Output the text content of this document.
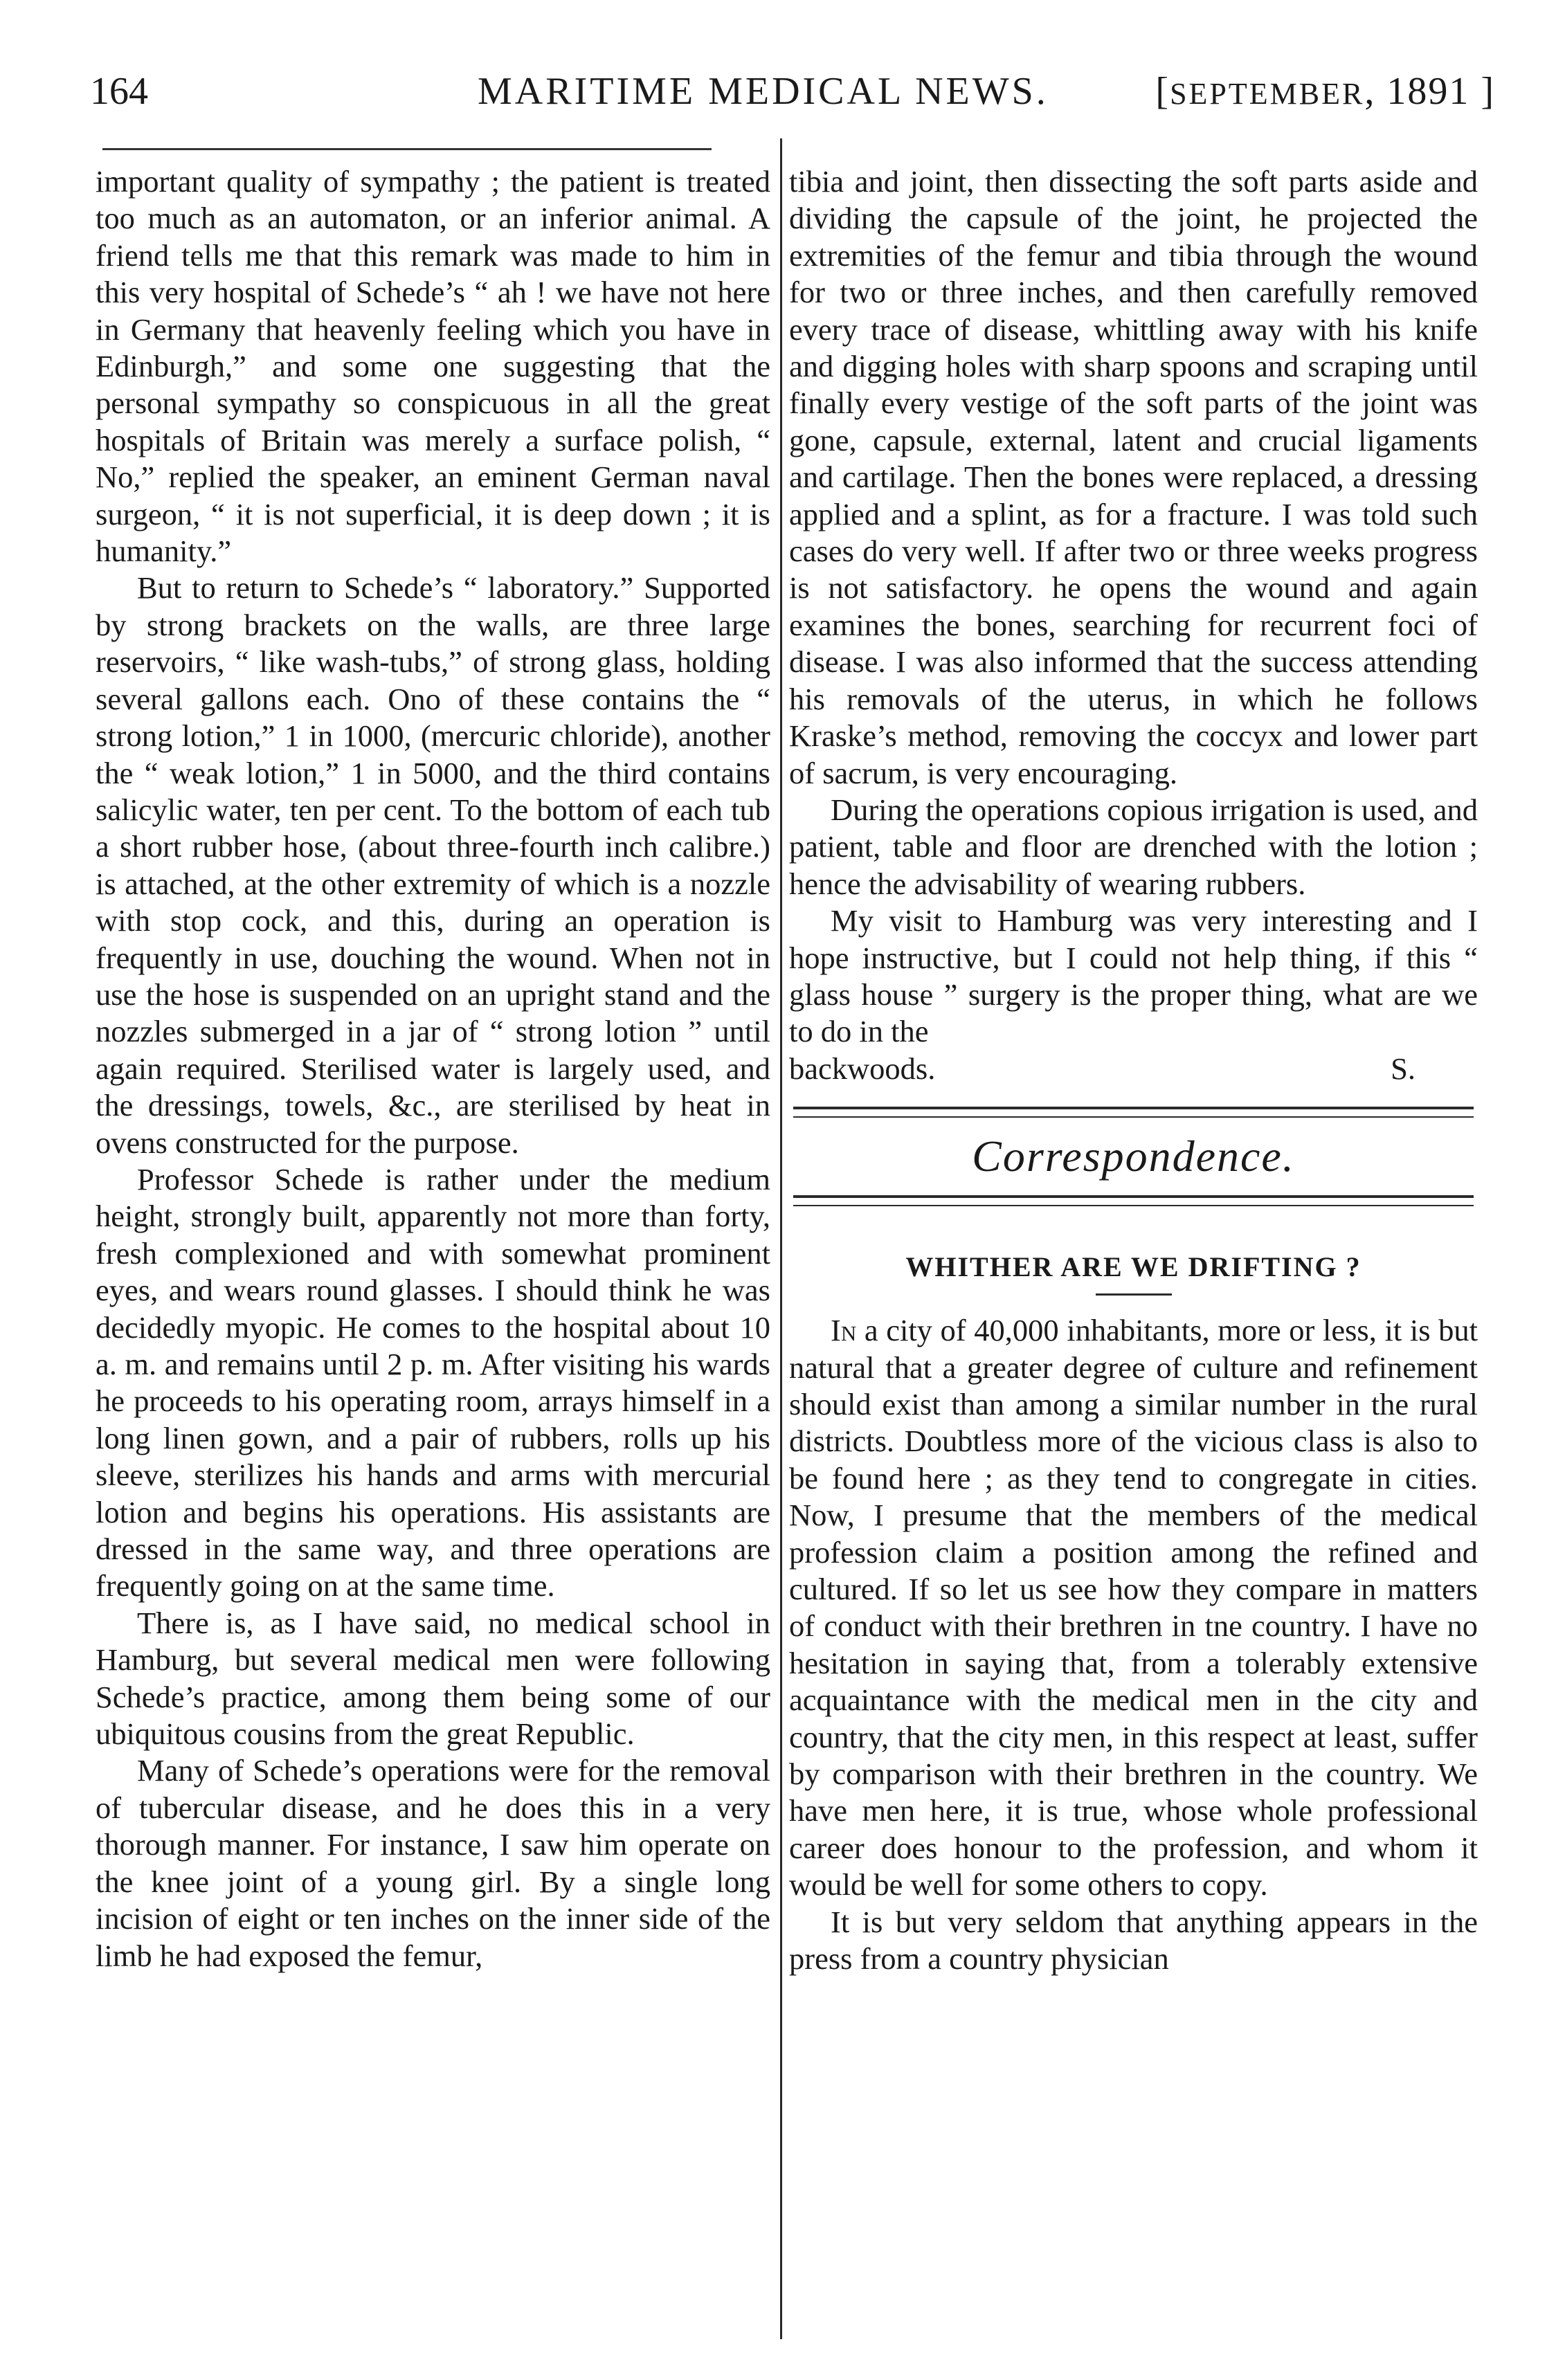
164	MARITIME MEDICAL NEWS.	[SEPTEMBER, 1891 ]

important quality of sympathy ; the patient is treated too much as an automaton, or an inferior animal. A friend tells me that this remark was made to him in this very hospital of Schede’s “ ah ! we have not here in Germany that heavenly feeling which you have in Edinburgh,” and some one suggesting that the personal sympathy so conspicuous in all the great hospitals of Britain was merely a surface polish, “ No,” replied the speaker, an eminent German naval surgeon, “ it is not superficial, it is deep down ; it is humanity.”

But to return to Schede’s “ laboratory.” Supported by strong brackets on the walls, are three large reservoirs, “ like wash-tubs,” of strong glass, holding several gallons each. Ono of these contains the “ strong lotion,” 1 in 1000, (mercuric chloride), another the “ weak lotion,” 1 in 5000, and the third contains salicylic water, ten per cent. To the bottom of each tub a short rubber hose, (about three-fourth inch calibre.) is attached, at the other extremity of which is a nozzle with stop cock, and this, during an operation is frequently in use, douching the wound. When not in use the hose is suspended on an upright stand and the nozzles submerged in a jar of “ strong lotion ” until again required. Sterilised water is largely used, and the dressings, towels, &c., are sterilised by heat in ovens constructed for the purpose.

Professor Schede is rather under the medium height, strongly built, apparently not more than forty, fresh complexioned and with somewhat prominent eyes, and wears round glasses. I should think he was decidedly myopic. He comes to the hospital about 10 a. m. and remains until 2 p. m. After visiting his wards he proceeds to his operating room, arrays himself in a long linen gown, and a pair of rubbers, rolls up his sleeve, sterilizes his hands and arms with mercurial lotion and begins his operations. His assistants are dressed in the same way, and three operations are frequently going on at the same time.

There is, as I have said, no medical school in Hamburg, but several medical men were following Schede’s practice, among them being some of our ubiquitous cousins from the great Republic.

Many of Schede’s operations were for the removal of tubercular disease, and he does this in a very thorough manner. For instance, I saw him operate on the knee joint of a young girl. By a single long incision of eight or ten inches on the inner side of the limb he had exposed the femur,

tibia and joint, then dissecting the soft parts aside and dividing the capsule of the joint, he projected the extremities of the femur and tibia through the wound for two or three inches, and then carefully removed every trace of disease, whittling away with his knife and digging holes with sharp spoons and scraping until finally every vestige of the soft parts of the joint was gone, capsule, external, latent and crucial ligaments and cartilage. Then the bones were replaced, a dressing applied and a splint, as for a fracture. I was told such cases do very well. If after two or three weeks progress is not satisfactory. he opens the wound and again examines the bones, searching for recurrent foci of disease. I was also informed that the success attending his removals of the uterus, in which he follows Kraske’s method, removing the coccyx and lower part of sacrum, is very encouraging.

During the operations copious irrigation is used, and patient, table and floor are drenched with the lotion ; hence the advisability of wearing rubbers.

My visit to Hamburg was very interesting and I hope instructive, but I could not help thing, if this “ glass house ” surgery is the proper thing, what are we to do in the

backwoods.	S.

Correspondence.
WHITHER ARE WE DRIFTING ?

In a city of 40,000 inhabitants, more or less, it is but natural that a greater degree of culture and refinement should exist than among a similar number in the rural districts. Doubtless more of the vicious class is also to be found here ; as they tend to congregate in cities. Now, I presume that the members of the medical profession claim a position among the refined and cultured. If so let us see how they compare in matters of conduct with their brethren in tne country. I have no hesitation in saying that, from a tolerably extensive acquaintance with the medical men in the city and country, that the city men, in this respect at least, suffer by comparison with their brethren in the country. We have men here, it is true, whose whole professional career does honour to the profession, and whom it would be well for some others to copy.

It is but very seldom that anything appears in the press from a country physician
